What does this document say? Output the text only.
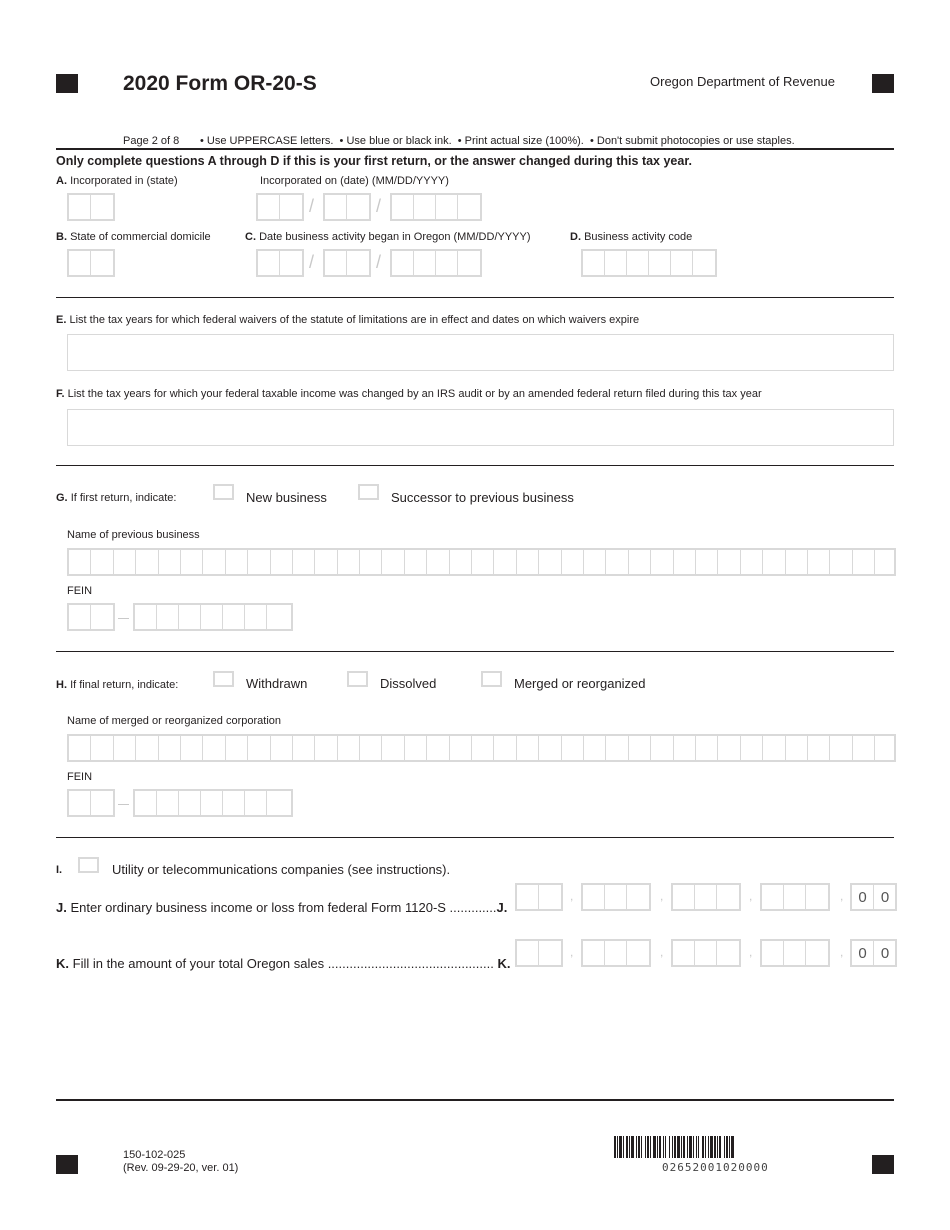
2020 Form OR-20-S	Oregon Department of Revenue
Page 2 of 8 • Use UPPERCASE letters.  • Use blue or black ink.  • Print actual size (100%).  • Don't submit photocopies or use staples.
Only complete questions A through D if this is your first return, or the answer changed during this tax year.
A. Incorporated in (state)	Incorporated on (date) (MM/DD/YYYY)
/	/
B. State of commercial domicile	C. Date business activity began in Oregon (MM/DD/YYYY)
/	/
D. Business activity code
E. List the tax years for which federal waivers of the statute of limitations are in effect and dates on which waivers expire
F. List the tax years for which your federal taxable income was changed by an IRS audit or by an amended federal return filed during this tax year
G. If first return, indicate:	New business	Successor to previous business
Name of previous business
FEIN
H. If final return, indicate:	Withdrawn	Dissolved	Merged or reorganized
Name of merged or reorganized corporation
FEIN
I.	Utility or telecommunications companies (see instructions).
J. Enter ordinary business income or loss from federal Form 1120-S .............J.
,	,	,	, 0 0
K. Fill in the amount of your total Oregon sales .............................................. K.
,	,	,	, 0 0
150-102-025
(Rev. 09-29-20, ver. 01)	02652001020000
